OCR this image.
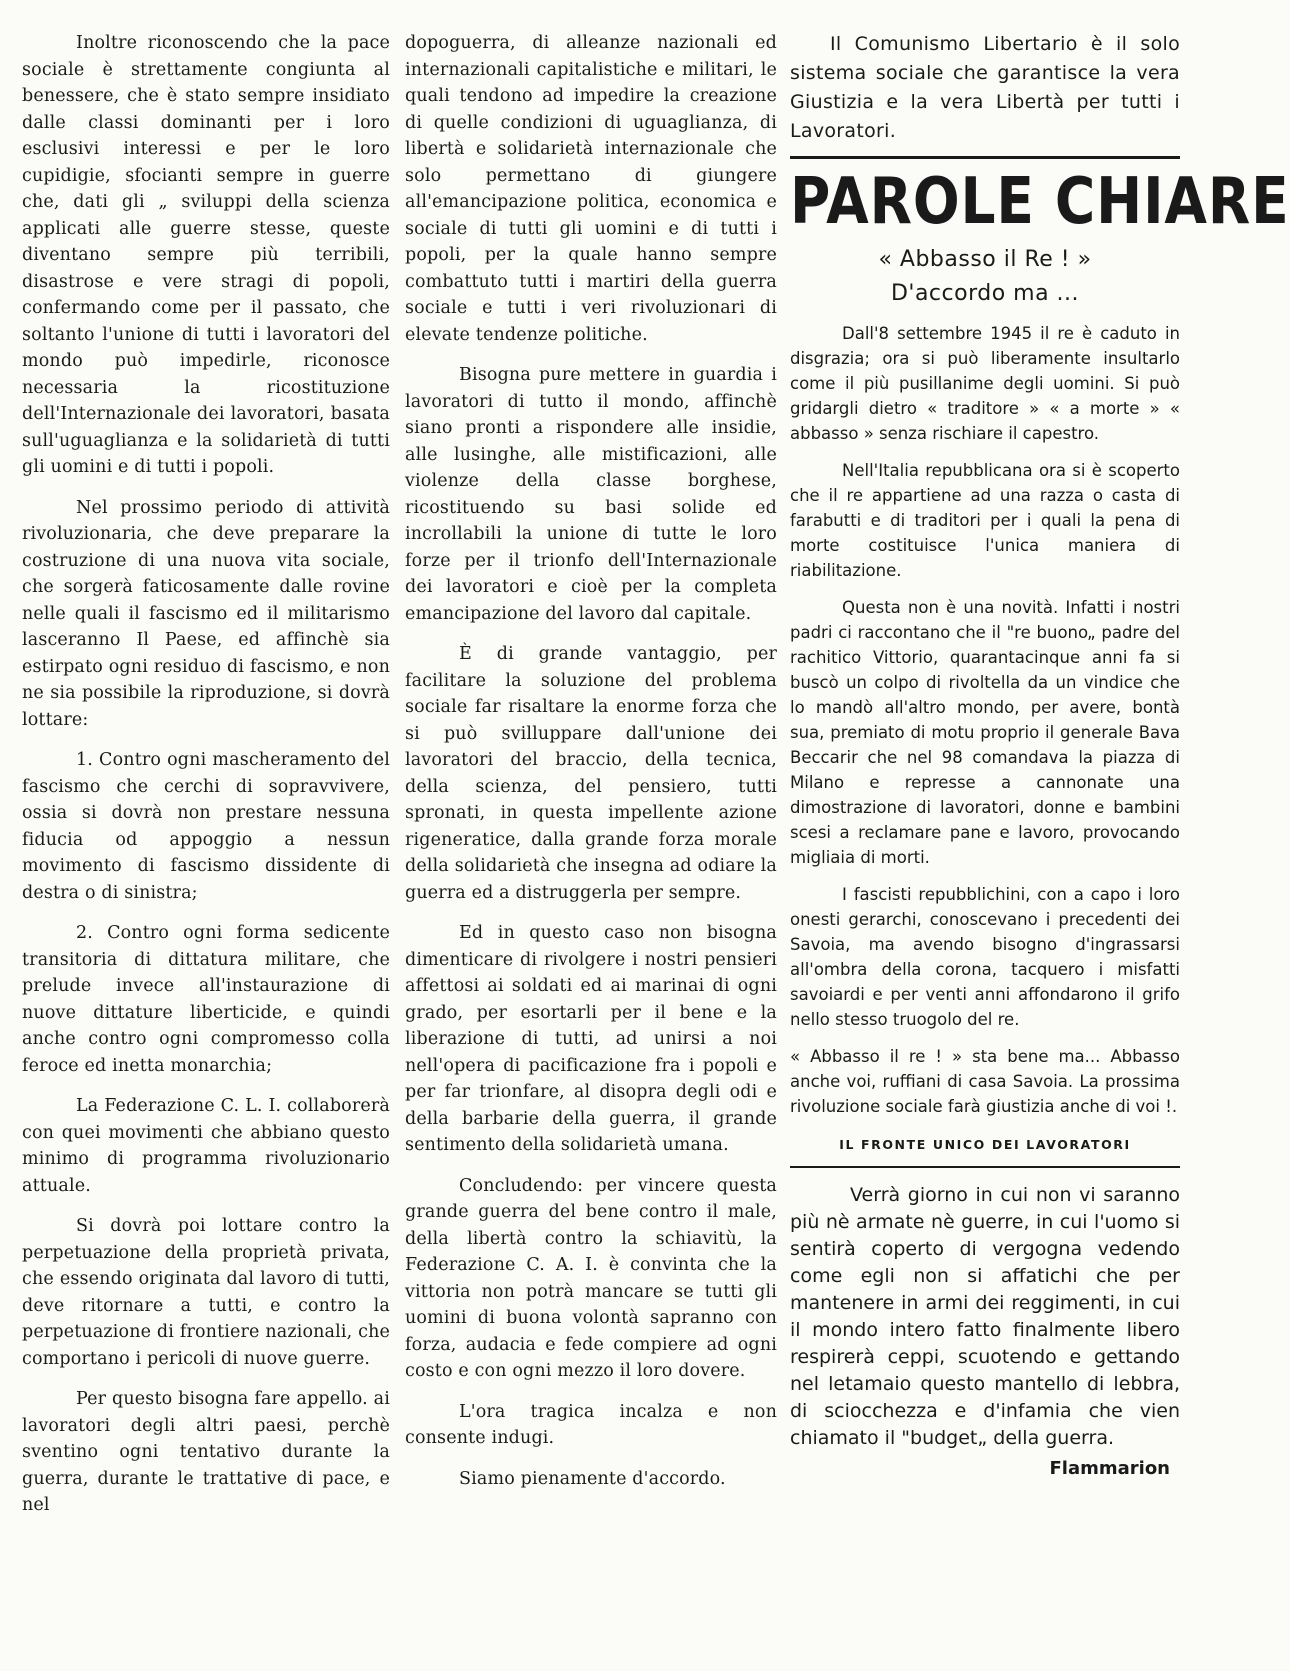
Inoltre riconoscendo che la pace sociale è strettamente congiunta al benessere, che è stato sempre insidiato dalle classi dominanti per i loro esclusivi interessi e per le loro cupidigie, sfocianti sempre in guerre che, dati gli „ sviluppi della scienza applicati alle guerre stesse, queste diventano sempre più terribili, disastrose e vere stragi di popoli, confermando come per il passato, che soltanto l'unione di tutti i lavoratori del mondo può impedirle, riconosce necessaria la ricostituzione dell'Internazionale dei lavoratori, basata sull'uguaglianza e la solidarietà di tutti gli uomini e di tutti i popoli.

Nel prossimo periodo di attività rivoluzionaria, che deve preparare la costruzione di una nuova vita sociale, che sorgerà faticosamente dalle rovine nelle quali il fascismo ed il militarismo lasceranno Il Paese, ed affinchè sia estirpato ogni residuo di fascismo, e non ne sia possibile la riproduzione, si dovrà lottare:

1. Contro ogni mascheramento del fascismo che cerchi di sopravvivere, ossia si dovrà non prestare nessuna fiducia od appoggio a nessun movimento di fascismo dissidente di destra o di sinistra;

2. Contro ogni forma sedicente transitoria di dittatura militare, che prelude invece all'instaurazione di nuove dittature liberticide, e quindi anche contro ogni compromesso colla feroce ed inetta monarchia;

La Federazione C. L. I. collaborerà con quei movimenti che abbiano questo minimo di programma rivoluzionario attuale.

Si dovrà poi lottare contro la perpetuazione della proprietà privata, che essendo originata dal lavoro di tutti, deve ritornare a tutti, e contro la perpetuazione di frontiere nazionali, che comportano i pericoli di nuove guerre.

Per questo bisogna fare appello. ai lavoratori degli altri paesi, perchè sventino ogni tentativo durante la guerra, durante le trattative di pace, e nel

dopoguerra, di alleanze nazionali ed internazionali capitalistiche e militari, le quali tendono ad impedire la creazione di quelle condizioni di uguaglianza, di libertà e solidarietà internazionale che solo permettano di giungere all'emancipazione politica, economica e sociale di tutti gli uomini e di tutti i popoli, per la quale hanno sempre combattuto tutti i martiri della guerra sociale e tutti i veri rivoluzionari di elevate tendenze politiche.

Bisogna pure mettere in guardia i lavoratori di tutto il mondo, affinchè siano pronti a rispondere alle insidie, alle lusinghe, alle mistificazioni, alle violenze della classe borghese, ricostituendo su basi solide ed incrollabili la unione di tutte le loro forze per il trionfo dell'Internazionale dei lavoratori e cioè per la completa emancipazione del lavoro dal capitale.

È di grande vantaggio, per facilitare la soluzione del problema sociale far risaltare la enorme forza che si può svilluppare dall'unione dei lavoratori del braccio, della tecnica, della scienza, del pensiero, tutti spronati, in questa impellente azione rigeneratice, dalla grande forza morale della solidarietà che insegna ad odiare la guerra ed a distruggerla per sempre.

Ed in questo caso non bisogna dimenticare di rivolgere i nostri pensieri affettosi ai soldati ed ai marinai di ogni grado, per esortarli per il bene e la liberazione di tutti, ad unirsi a noi nell'opera di pacificazione fra i popoli e per far trionfare, al disopra degli odi e della barbarie della guerra, il grande sentimento della solidarietà umana.

Concludendo: per vincere questa grande guerra del bene contro il male, della libertà contro la schiavitù, la Federazione C. A. I. è convinta che la vittoria non potrà mancare se tutti gli uomini di buona volontà sapranno con forza, audacia e fede compiere ad ogni costo e con ogni mezzo il loro dovere.

L'ora tragica incalza e non consente indugi.

Siamo pienamente d'accordo.

Il Comunismo Libertario è il solo sistema sociale che garantisce la vera Giustizia e la vera Libertà per tutti i Lavoratori.

PAROLE CHIARE

« Abbasso il Re ! »

D'accordo ma ...

Dall'8 settembre 1945 il re è caduto in disgrazia; ora si può liberamente insultarlo come il più pusillanime degli uomini. Si può gridargli dietro « traditore » « a morte » « abbasso » senza rischiare il capestro.

Nell'Italia repubblicana ora si è scoperto che il re appartiene ad una razza o casta di farabutti e di traditori per i quali la pena di morte costituisce l'unica maniera di riabilitazione.

Questa non è una novità. Infatti i nostri padri ci raccontano che il "re buono„ padre del rachitico Vittorio, quarantacinque anni fa si buscò un colpo di rivoltella da un vindice che lo mandò all'altro mondo, per avere, bontà sua, premiato di motu proprio il generale Bava Beccarir che nel 98 comandava la piazza di Milano e represse a cannonate una dimostrazione di lavoratori, donne e bambini scesi a reclamare pane e lavoro, provocando migliaia di morti.

I fascisti repubblichini, con a capo i loro onesti gerarchi, conoscevano i precedenti dei Savoia, ma avendo bisogno d'ingrassarsi all'ombra della corona, tacquero i misfatti savoiardi e per venti anni affondarono il grifo nello stesso truogolo del re.

« Abbasso il re ! » sta bene ma... Abbasso anche voi, ruffiani di casa Savoia. La prossima rivoluzione sociale farà giustizia anche di voi !.

IL FRONTE UNICO DEI LAVORATORI

Verrà giorno in cui non vi saranno più nè armate nè guerre, in cui l'uomo si sentirà coperto di vergogna vedendo come egli non si affatichi che per mantenere in armi dei reggimenti, in cui il mondo intero fatto finalmente libero respirerà ceppi, scuotendo e gettando nel letamaio questo mantello di lebbra, di sciocchezza e d'infamia che vien chiamato il "budget„ della guerra.

Flammarion
